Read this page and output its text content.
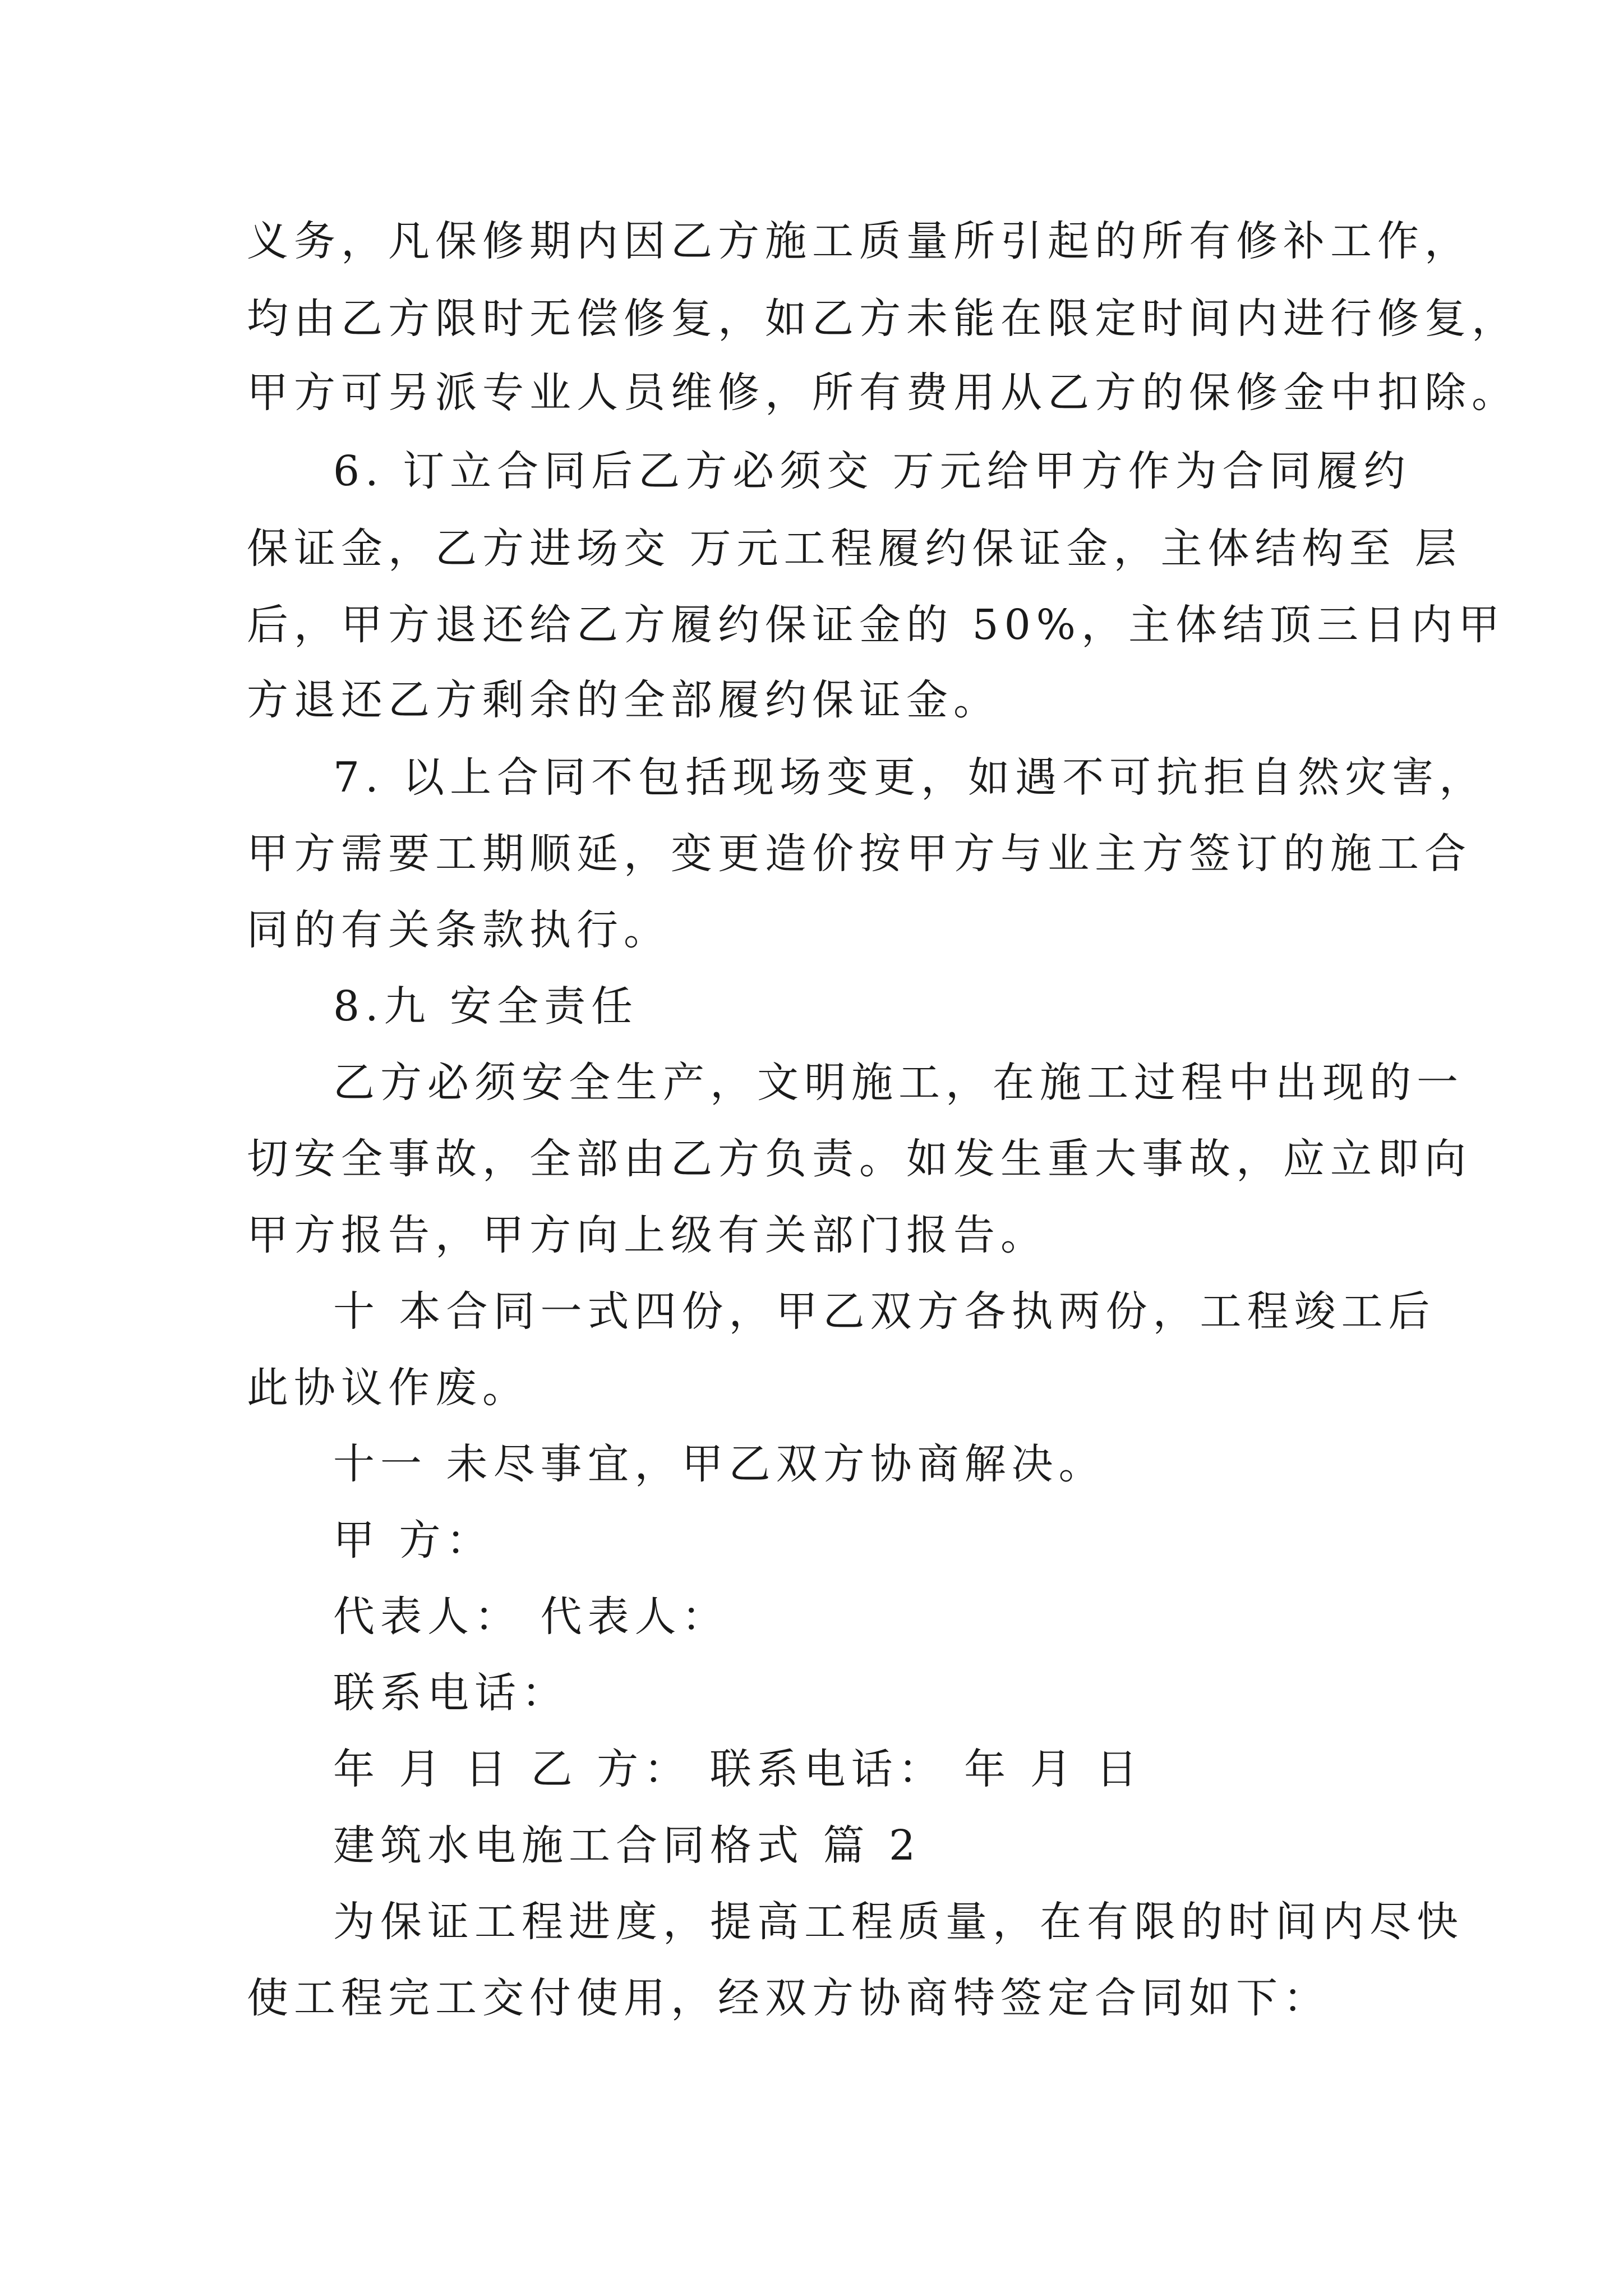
义务，凡保修期内因乙方施工质量所引起的所有修补工作，
均由乙方限时无偿修复，如乙方未能在限定时间内进行修复，
甲方可另派专业人员维修，所有费用从乙方的保修金中扣除。
6. 订立合同后乙方必须交 万元给甲方作为合同履约
保证金，乙方进场交 万元工程履约保证金，主体结构至 层
后，甲方退还给乙方履约保证金的 50%，主体结顶三日内甲
方退还乙方剩余的全部履约保证金。
7. 以上合同不包括现场变更，如遇不可抗拒自然灾害，
甲方需要工期顺延，变更造价按甲方与业主方签订的施工合
同的有关条款执行。
8.九 安全责任
乙方必须安全生产，文明施工，在施工过程中出现的一
切安全事故，全部由乙方负责。如发生重大事故，应立即向
甲方报告，甲方向上级有关部门报告。
十 本合同一式四份，甲乙双方各执两份，工程竣工后
此协议作废。
十一 未尽事宜，甲乙双方协商解决。
甲 方：
代表人： 代表人：
联系电话：
年 月 日 乙 方： 联系电话： 年 月 日
建筑水电施工合同格式 篇 2
为保证工程进度，提高工程质量，在有限的时间内尽快
使工程完工交付使用，经双方协商特签定合同如下：
